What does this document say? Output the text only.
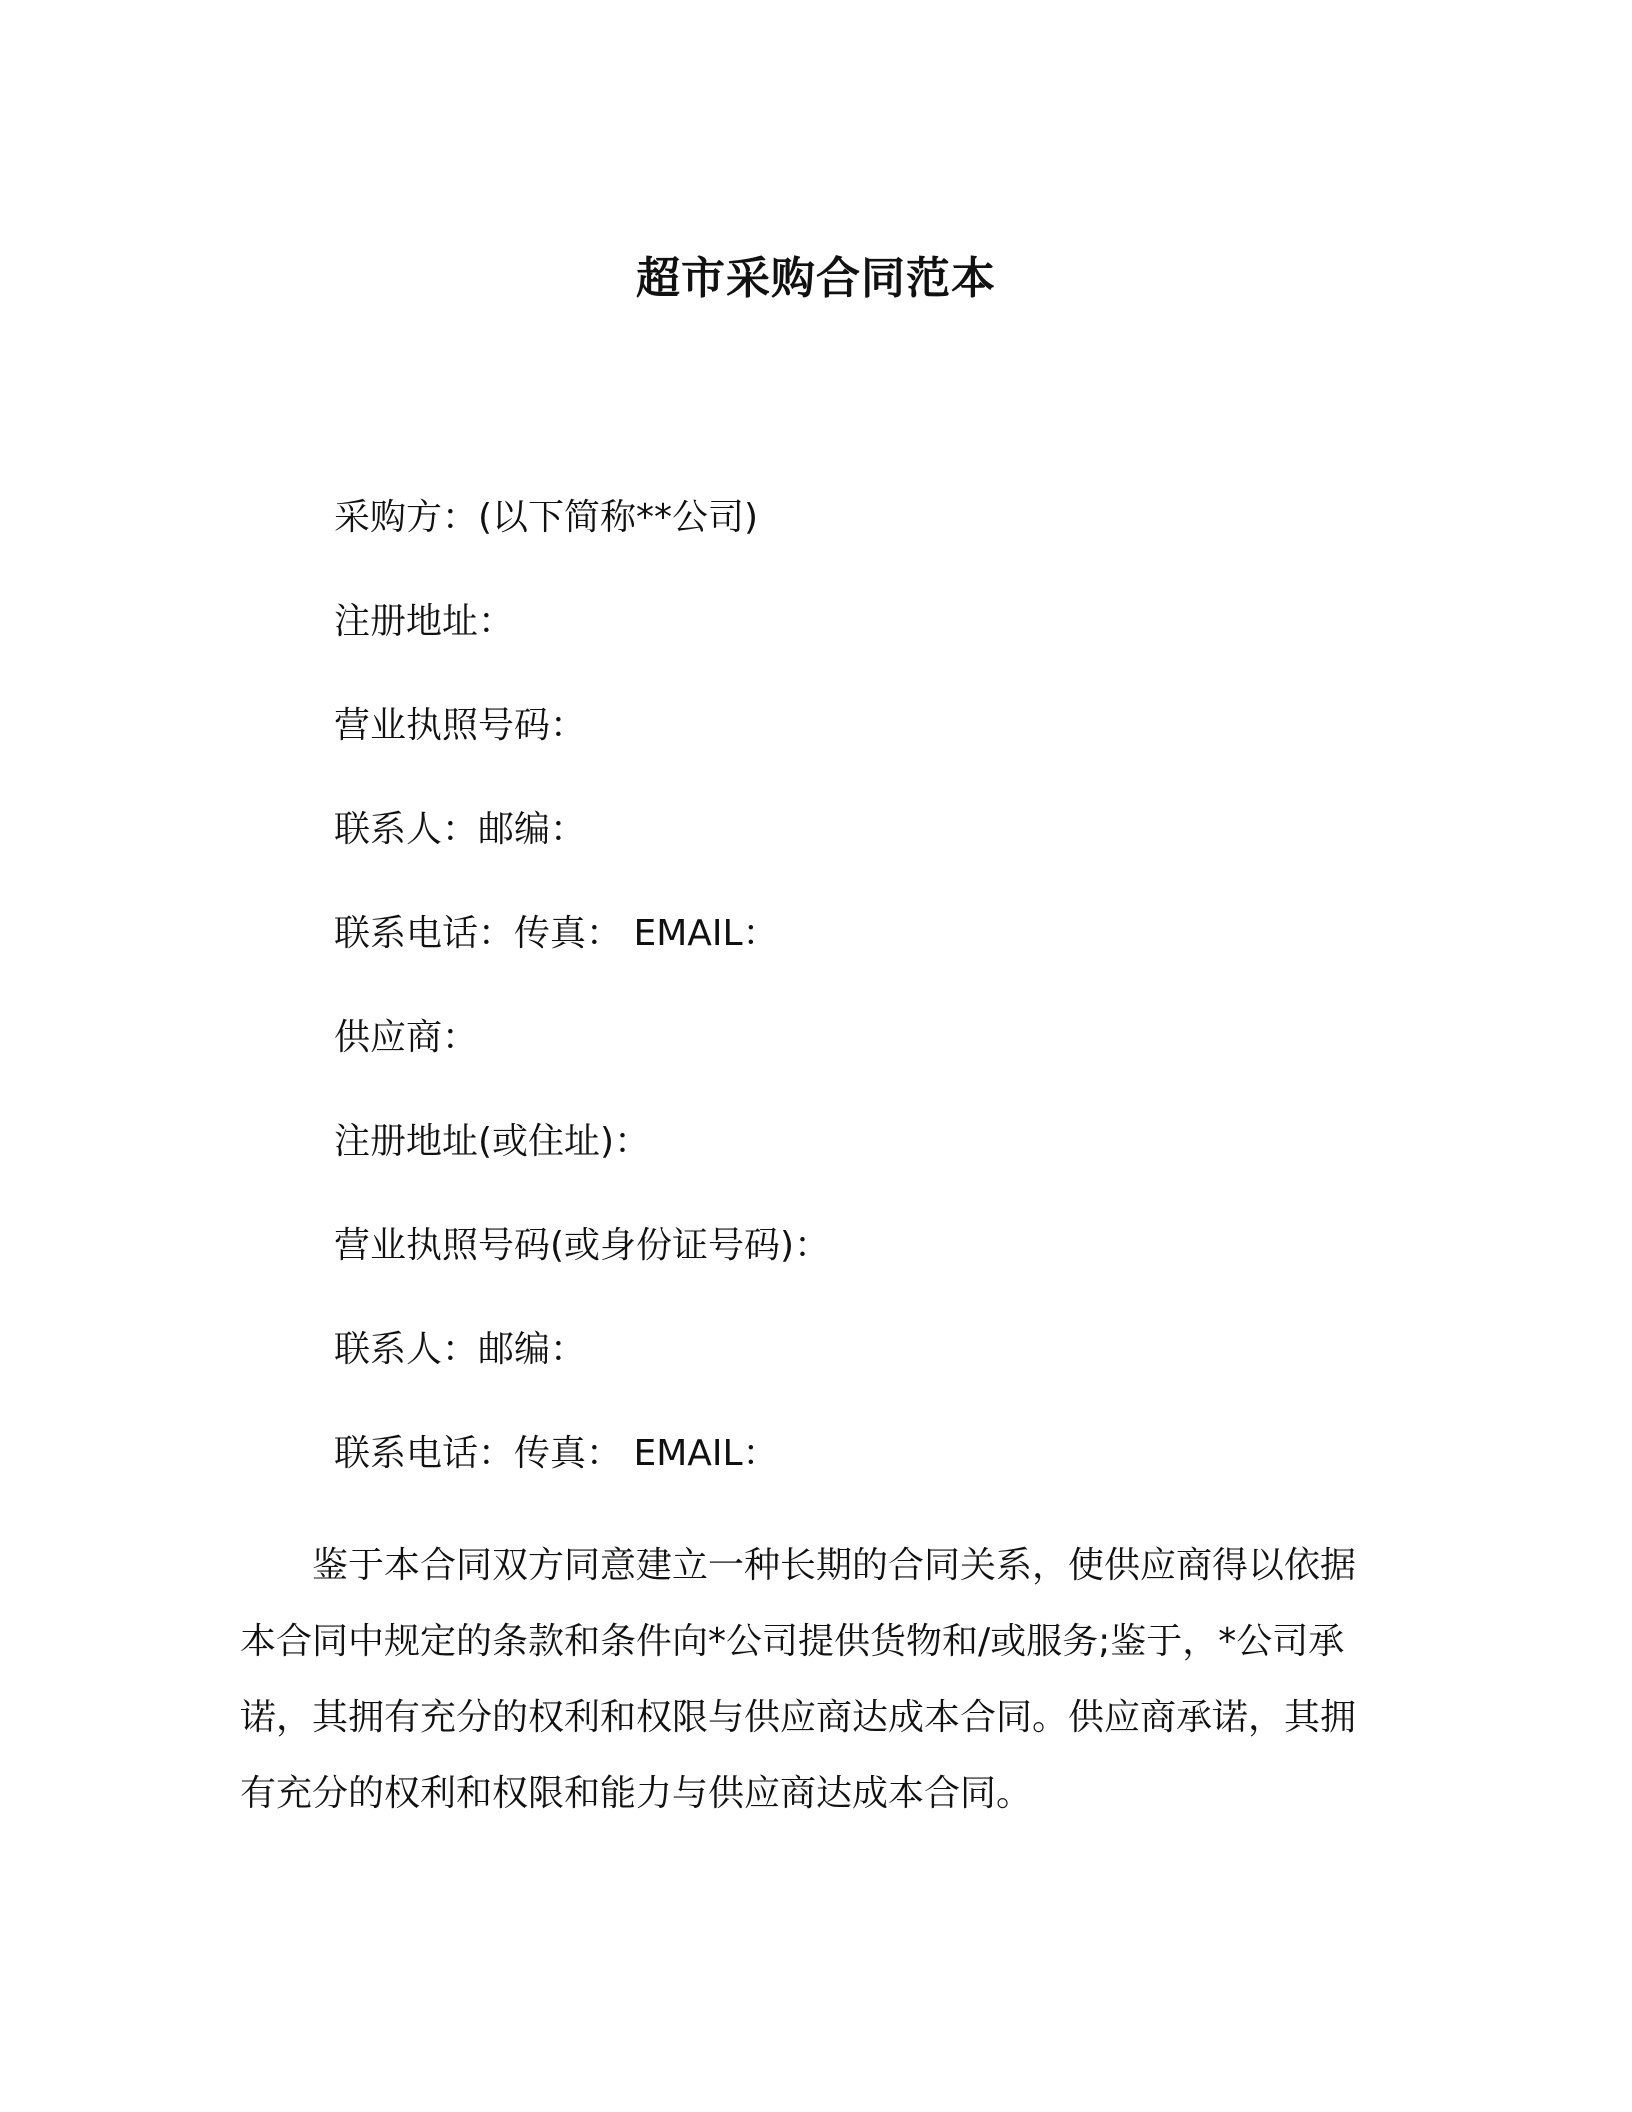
超市采购合同范本
采购方：(以下简称**公司)
注册地址：
营业执照号码：
联系人：邮编：
联系电话：传真： EMAIL：
供应商：
注册地址(或住址)：
营业执照号码(或身份证号码)：
联系人：邮编：
联系电话：传真： EMAIL：

鉴于本合同双方同意建立一种长期的合同关系，使供应商得以依据本合同中规定的条款和条件向*公司提供货物和/或服务;鉴于，*公司承诺，其拥有充分的权利和权限与供应商达成本合同。供应商承诺，其拥有充分的权利和权限和能力与供应商达成本合同。
